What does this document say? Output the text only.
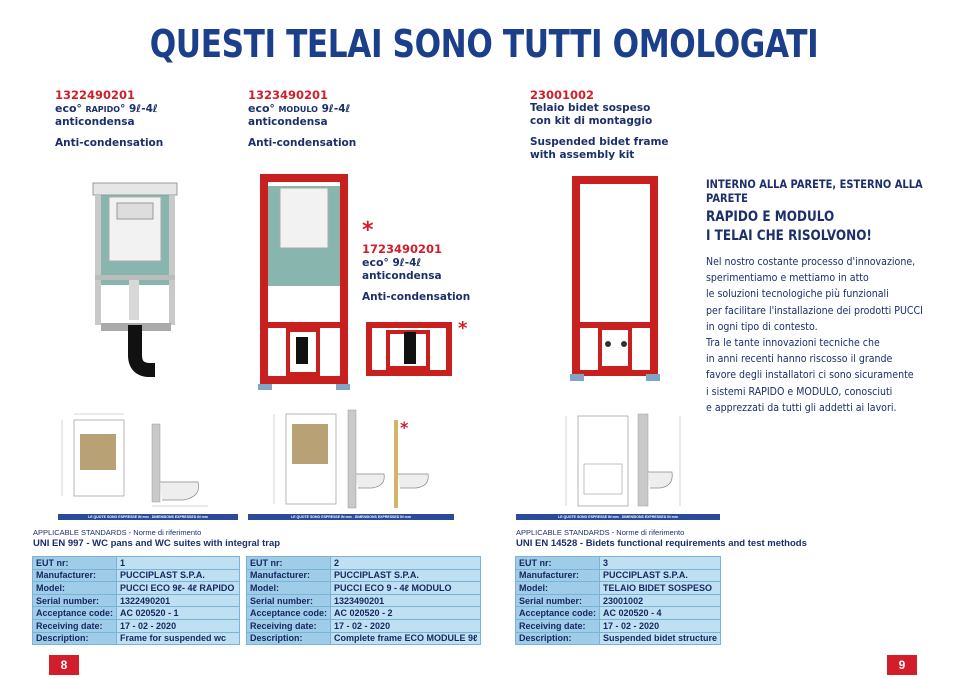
QUESTI TELAI SONO TUTTI OMOLOGATI
1322490201
eco° RAPIDO° 9ℓ-4ℓ
anticondensa
Anti-condensation
1323490201
eco° MODULO 9ℓ-4ℓ
anticondensa
Anti-condensation
23001002
Telaio bidet sospeso
con kit di montaggio
Suspended bidet frame
with assembly kit
*
1723490201
eco° 9ℓ-4ℓ
anticondensa
Anti-condensation
*
*
LE QUOTE SONO ESPRESSE IN mm . DIMENSIONS EXPRESSED IN mm	LE QUOTE SONO ESPRESSE IN mm . DIMENSIONS EXPRESSED IN mm	LE QUOTE SONO ESPRESSE IN mm . DIMENSIONS EXPRESSED IN mm
APPLICABLE STANDARDS - Norme di riferimento
UNI EN 997 - WC pans and WC suites with integral trap
APPLICABLE STANDARDS - Norme di riferimento
UNI EN 14528 - Bidets functional requirements and test methods
EUT nr:	1
Manufacturer:	PUCCIPLAST S.P.A.
Model:	PUCCI ECO 9ℓ- 4ℓ RAPIDO
Serial number:	1322490201
Acceptance code:	AC 020520 - 1
Receiving date:	17 - 02 - 2020
Description:	Frame for suspended wc
EUT nr:	2
Manufacturer:	PUCCIPLAST S.P.A.
Model:	PUCCI ECO 9 - 4ℓ MODULO
Serial number:	1323490201
Acceptance code:	AC 020520 - 2
Receiving date:	17 - 02 - 2020
Description:	Complete frame ECO MODULE 9ℓ
EUT nr:	3
Manufacturer:	PUCCIPLAST S.P.A.
Model:	TELAIO BIDET SOSPESO
Serial number:	23001002
Acceptance code:	AC 020520 - 4
Receiving date:	17 - 02 - 2020
Description:	Suspended bidet structure
INTERNO ALLA PARETE, ESTERNO ALLA PARETE
RAPIDO E MODULO
I TELAI CHE RISOLVONO!
Nel nostro costante processo d'innovazione,
sperimentiamo e mettiamo in atto
le soluzioni tecnologiche più funzionali
per facilitare l'installazione dei prodotti PUCCI
in ogni tipo di contesto.
Tra le tante innovazioni tecniche che
in anni recenti hanno riscosso il grande
favore degli installatori ci sono sicuramente
i sistemi RAPIDO e MODULO, conosciuti
e apprezzati da tutti gli addetti ai lavori.
8	9
